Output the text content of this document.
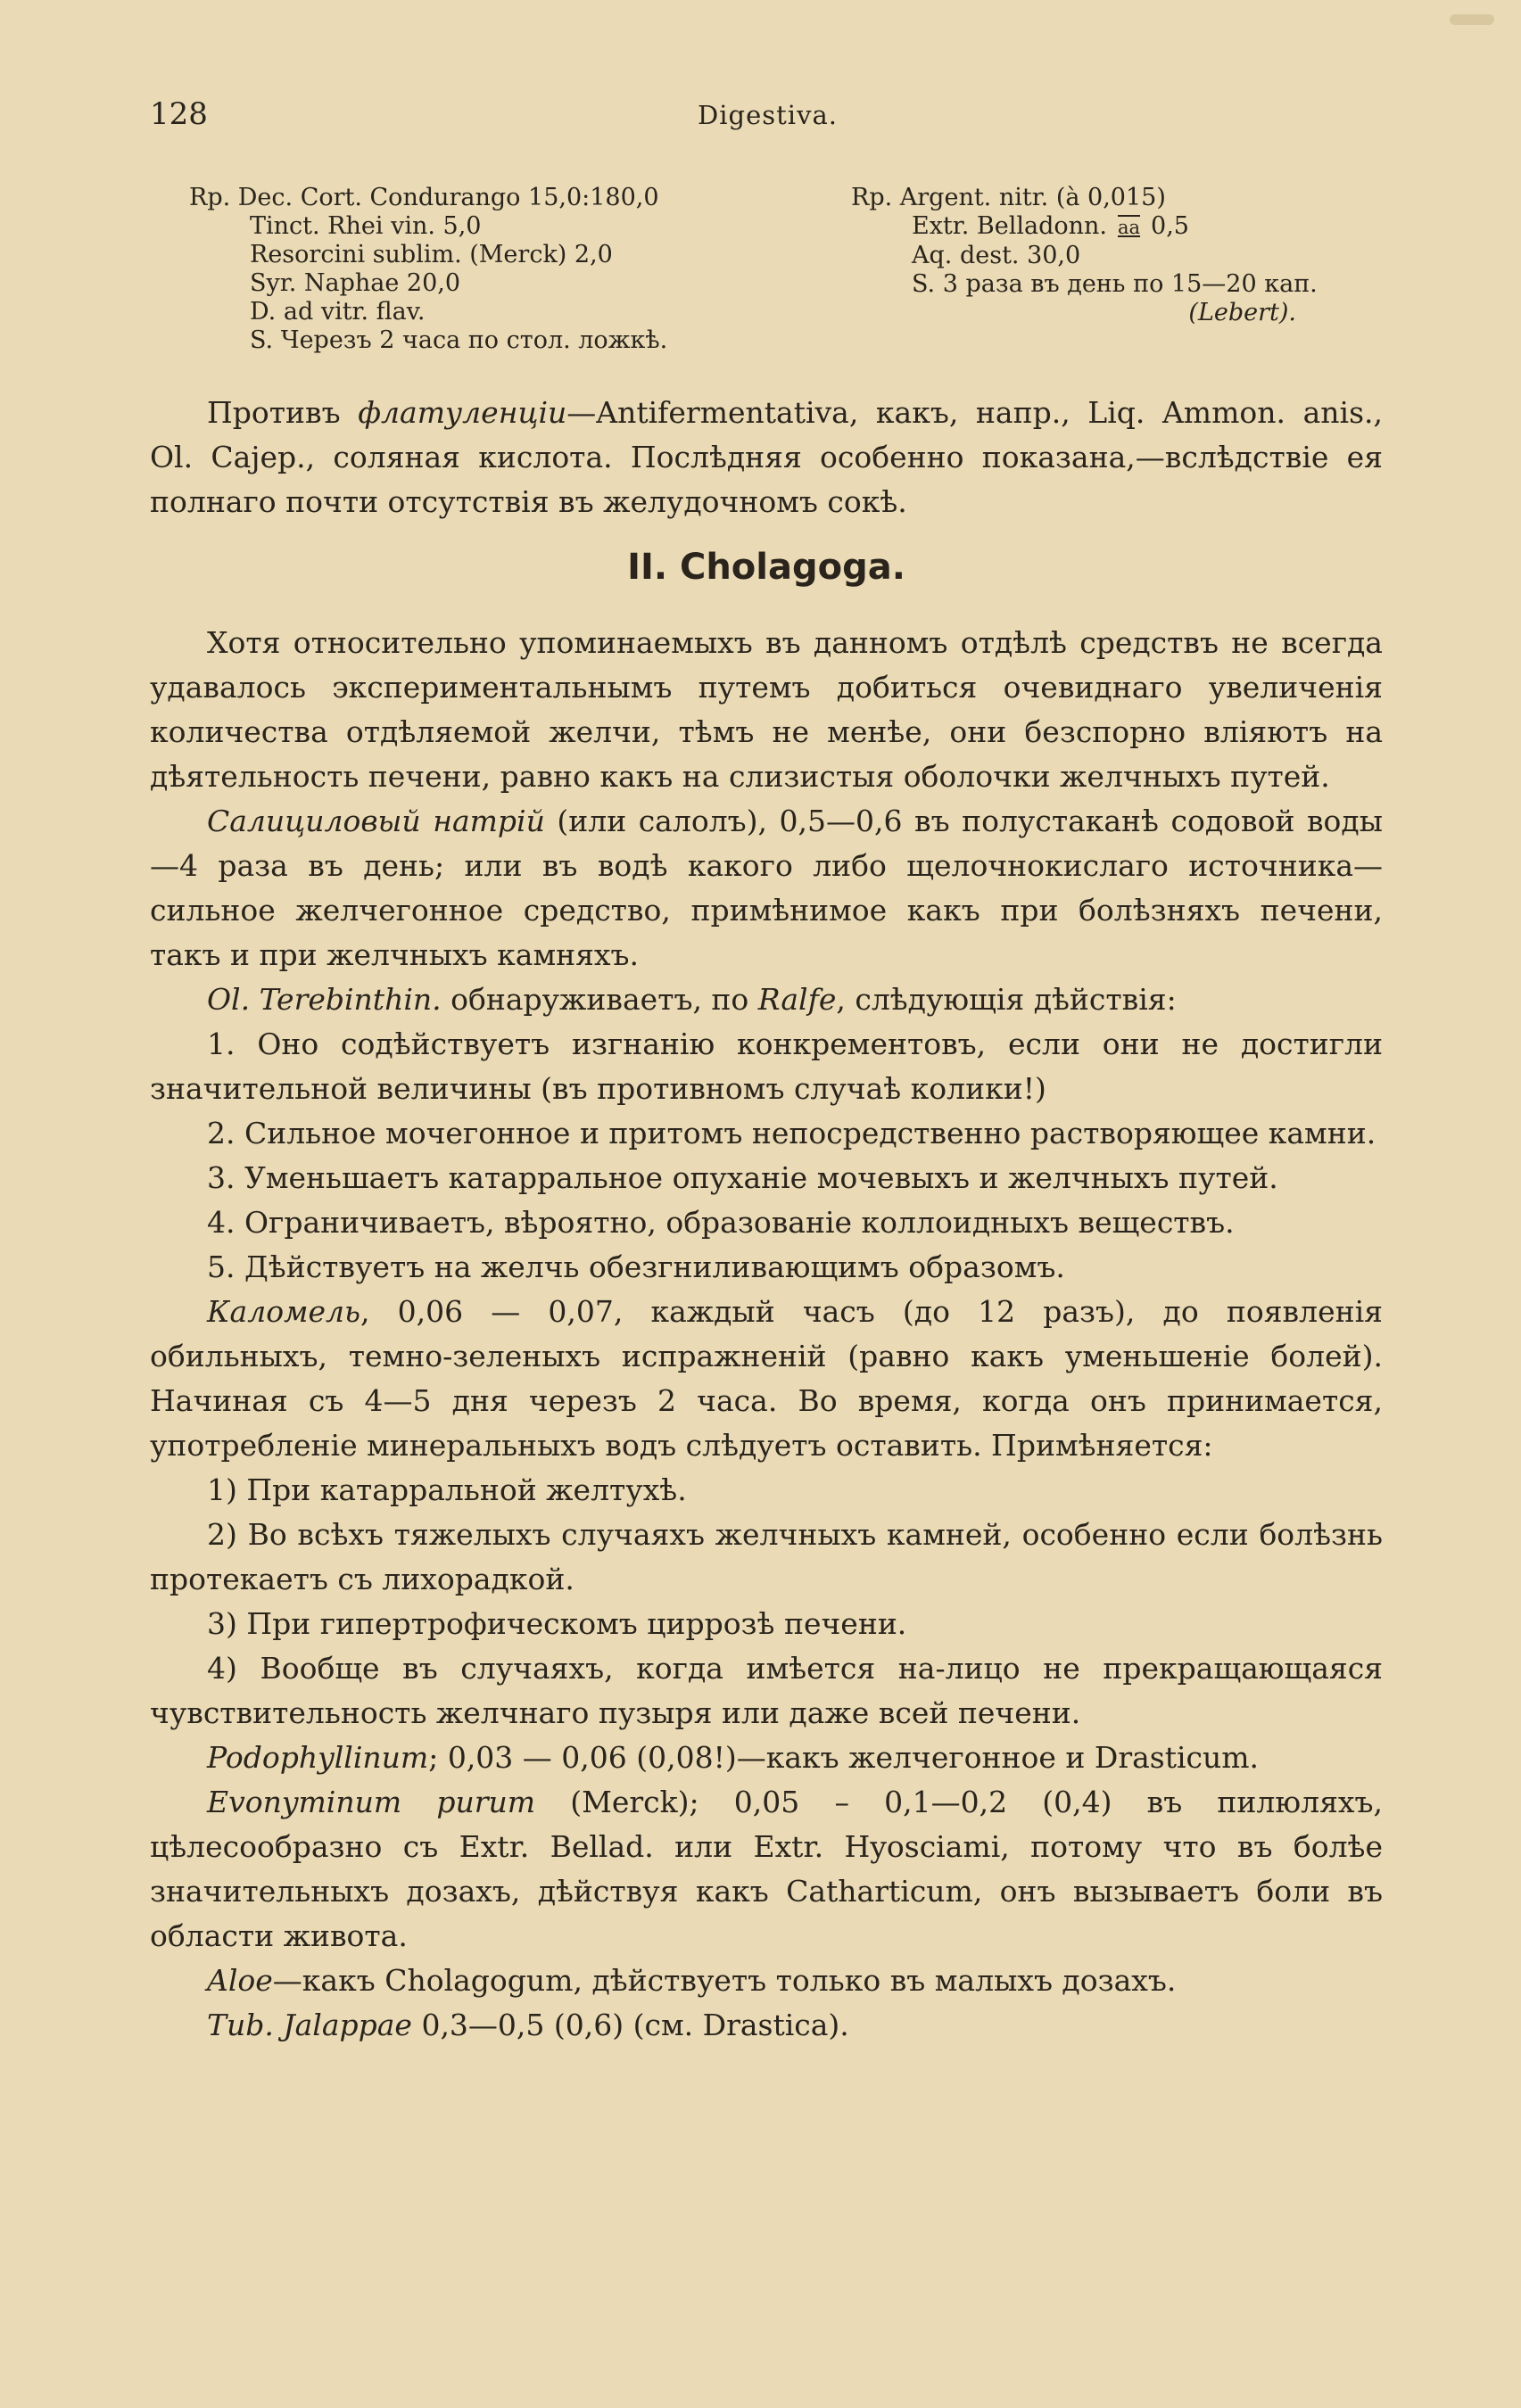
128	Digestiva.
Rp. Dec. Cort. Condurango 15,0:180,0
Tinct. Rhei vin. 5,0
Resorcini sublim. (Merck) 2,0
Syr. Naphae 20,0
D. ad vitr. flav.
S. Черезъ 2 часа по стол. ложкѣ.
Rp. Argent. nitr. (à 0,015)
Extr. Belladonn. aa 0,5
Aq. dest. 30,0
S. 3 раза въ день по 15—20 кап.
(Lebert).

Противъ флатуленціи—Antifermentativa, какъ, напр., Liq. Ammon. anis., Ol. Cajep., соляная кислота. Послѣдняя особенно показана,—вслѣдствіе ея полнаго почти отсутствія въ желудочномъ сокѣ.

II. Cholagoga.

Хотя относительно упоминаемыхъ въ данномъ отдѣлѣ средствъ не всегда удавалось экспериментальнымъ путемъ добиться очевиднаго увеличенія количества отдѣляемой желчи, тѣмъ не менѣе, они безспорно вліяютъ на дѣятельность печени, равно какъ на слизистыя оболочки желчныхъ путей.

Салициловый натрій (или салолъ), 0,5—0,6 въ полустаканѣ содовой воды—4 раза въ день; или въ водѣ какого либо щелочнокислаго источника—сильное желчегонное средство, примѣнимое какъ при болѣзняхъ печени, такъ и при желчныхъ камняхъ.

Ol. Terebinthin. обнаруживаетъ, по Ralfe, слѣдующія дѣйствія:

1. Оно содѣйствуетъ изгнанію конкрементовъ, если они не достигли значительной величины (въ противномъ случаѣ колики!)

2. Сильное мочегонное и притомъ непосредственно растворяющее камни.

3. Уменьшаетъ катарральное опуханіе мочевыхъ и желчныхъ путей.

4. Ограничиваетъ, вѣроятно, образованіе коллоидныхъ веществъ.

5. Дѣйствуетъ на желчь обезгниливающимъ образомъ.

Каломель, 0,06 — 0,07, каждый часъ (до 12 разъ), до появленія обильныхъ, темно-зеленыхъ испражненій (равно какъ уменьшеніе болей). Начиная съ 4—5 дня черезъ 2 часа. Во время, когда онъ принимается, употребленіе минеральныхъ водъ слѣдуетъ оставить. Примѣняется:

1) При катарральной желтухѣ.

2) Во всѣхъ тяжелыхъ случаяхъ желчныхъ камней, особенно если болѣзнь протекаетъ съ лихорадкой.

3) При гипертрофическомъ циррозѣ печени.

4) Вообще въ случаяхъ, когда имѣется на-лицо не прекращающаяся чувствительность желчнаго пузыря или даже всей печени.

Podophyllinum; 0,03 — 0,06 (0,08!)—какъ желчегонное и Drasticum.

Evonyminum purum (Merck); 0,05 – 0,1—0,2 (0,4) въ пилюляхъ, цѣлесообразно съ Extr. Bellad. или Extr. Hyosciami, потому что въ болѣе значительныхъ дозахъ, дѣйствуя какъ Cathartiсum, онъ вызываетъ боли въ области живота.

Aloe—какъ Cholagogum, дѣйствуетъ только въ малыхъ дозахъ.

Tub. Jalappae 0,3—0,5 (0,6) (см. Drastica).
